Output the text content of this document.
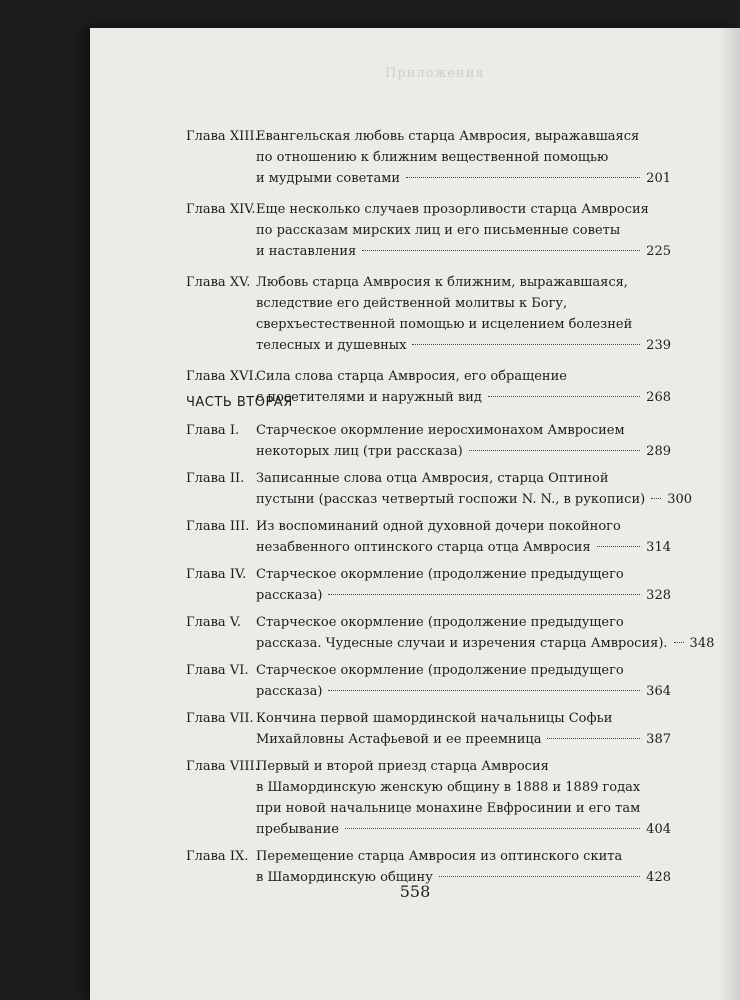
Приложения
ЧАСТЬ ВТОРАЯ
Глава XIII.
Евангельская любовь старца Амвросия, выражавшаяся
по отношению к ближним вещественной помощью
и мудрыми советами	201
Глава XIV. Еще несколько случаев прозорливости старца Амвросия
по рассказам мирских лиц и его письменные советы
и наставления	225
Глава XV. Любовь старца Амвросия к ближним, выражавшаяся,
вследствие его действенной молитвы к Богу,
сверхъестественной помощью и исцелением болезней
телесных и душевных	239
Глава XVI.
Сила слова старца Амвросия, его обращение
с посетителями и наружный вид	268
Глава I. Старческое окормление иеросхимонахом Амвросием
некоторых лиц (три рассказа)	289
Глава II. Записанные слова отца Амвросия, старца Оптиной
пустыни (рассказ четвертый госпожи N. N., в рукописи) 300
Глава III. Из воспоминаний одной духовной дочери покойного
незабвенного оптинского старца отца Амвросия	314
Глава IV. Старческое окормление (продолжение предыдущего
рассказа)	328
Глава V. Старческое окормление (продолжение предыдущего
рассказа. Чудесные случаи и изречения старца Амвросия). 348
Глава VI. Старческое окормление (продолжение предыдущего
рассказа)	364
Глава VII. Кончина первой шамординской начальницы Софьи
Михайловны Астафьевой и ее преемница	387
Глава VIII.
Первый и второй приезд старца Амвросия
в Шамординскую женскую общину в 1888 и 1889 годах
при новой начальнице монахине Евфросинии и его там
пребывание	404
Глава IX. Перемещение старца Амвросия из оптинского скита
в Шамординскую общину	428
558
